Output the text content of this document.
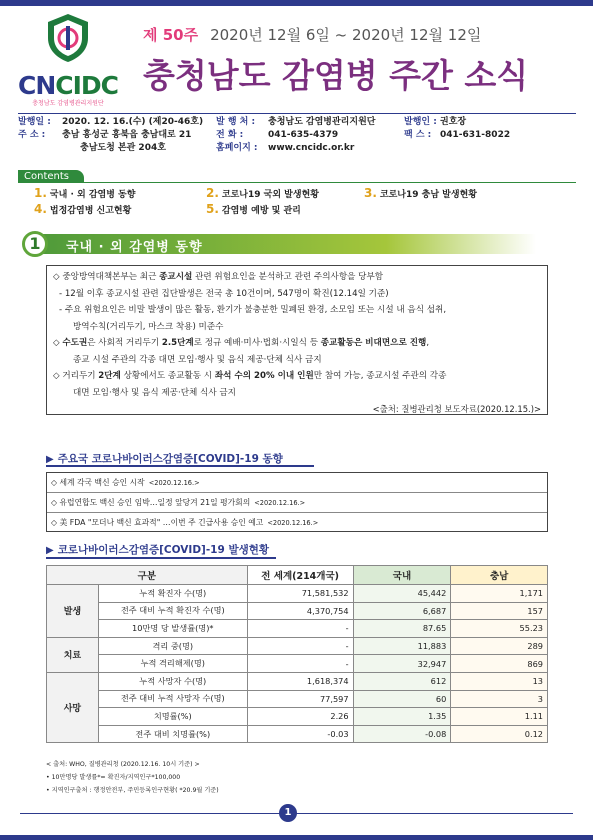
CNCIDC
충청남도 감염병관리지원단
제 50주 2020년 12월 6일 ~ 2020년 12월 12일
충청남도 감염병 주간 소식
발행일 : 2020. 12. 16.(수) (제20-46호) 발 행 처 : 충청남도 감염병관리지원단	발행인 : 권호장
주 소 : 충남 홍성군 홍북읍 충남대로 21	전 화 :	041-635-4379	팩 스 : 041-631-8022
충남도청 본관 204호	홈페이지 : www.cncidc.or.kr
Contents
1. 국내 · 외 감염병 동향
4. 법정감염병 신고현황
2. 코로나19 국외 발생현황
5. 감염병 예방 및 관리
3. 코로나19 충남 발생현황
1	국내 · 외 감염병 동향

◇ 중앙방역대책본부는 최근 종교시설 관련 위험요인을 분석하고 관련 주의사항을 당부함

- 12월 이후 종교시설 관련 집단발생은 전국 총 10건이며, 547명이 확진(12.14일 기준)

- 주요 위험요인은 비말 발생이 많은 활동, 환기가 불충분한 밀폐된 환경, 소모임 또는 시설 내 음식 섭취,

방역수칙(거리두기, 마스크 착용) 미준수

◇ 수도권은 사회적 거리두기 2.5단계로 정규 예배·미사·법회·시일식 등 종교활동은 비대면으로 진행,

종교 시설 주관의 각종 대면 모임·행사 및 음식 제공·단체 식사 금지

◇ 거리두기 2단계 상황에서도 종교활동 시 좌석 수의 20% 이내 인원만 참여 가능, 종교시설 주관의 각종

대면 모임·행사 및 음식 제공·단체 식사 금지

<출처: 질병관리청 보도자료(2020.12.15.)>

▶ 주요국 코로나바이러스감염증[COVID]-19 동향
◇ 세계 각국 백신 승인 시작 <2020.12.16.>
◇ 유럽연합도 백신 승인 임박…일정 앞당겨 21일 평가회의 <2020.12.16.>
◇ 美 FDA "모더나 백신 효과적" …이번 주 긴급사용 승인 예고 <2020.12.16.>
▶ 코로나바이러스감염증[COVID]-19 발생현황
구분		전 세계(214개국)	국내	충남
발생	누적 확진자 수(명)	71,581,532	45,442	1,171
	전주 대비 누적 확진자 수(명)	4,370,754	6,687	157
	10만명 당 발생률(명)*	-	87.65	55.23
치료	격리 중(명)	-	11,883	289
	누적 격리해제(명)	-	32,947	869
사망	누적 사망자 수(명)	1,618,374	612	13
	전주 대비 누적 사망자 수(명)	77,597	60	3
	치명률(%)	2.26	1.35	1.11
	전주 대비 치명률(%)	-0.03	-0.08	0.12
< 출처: WHO, 질병관리청 (2020.12.16. 10시 기준) >
• 10만명당 발생률*= 확진자/지역인구*100,000
• 지역인구출처 : 행정안전부, 주민등록인구현황( *20.9월 기준)
1
